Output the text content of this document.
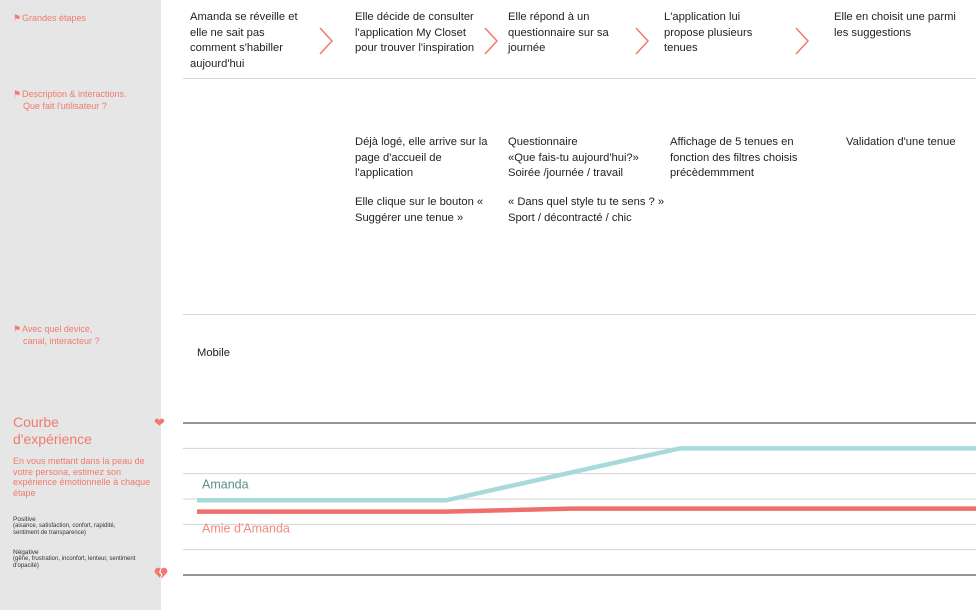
⚑Grandes étapes
⚑Description & interactions.
Que fait l'utilisateur ?
⚑Avec quel device,
canal, interacteur ?
Courbe
d'expérience
En vous mettant dans la peau de votre persona, estimez son expérience émotionnelle à chaque étape
Positive
(aisance, satisfaction, confort, rapidité, sentiment de transparence)
Négative
(gêne, frustration, inconfort, lenteur, sentiment d'opacité)
❤
Amanda se réveille et elle ne sait pas comment s'habiller aujourd'hui
Elle décide de consulter l'application My Closet pour trouver l'inspiration
Elle répond à un questionnaire sur sa journée
L'application lui propose plusieurs tenues
Elle en choisit une parmi les suggestions
Déjà logé, elle arrive sur la page d'accueil de l'application
Elle clique sur le bouton « Suggérer une tenue »
Questionnaire
«Que fais-tu aujourd'hui?»
Soirée /journée / travail
« Dans quel style tu te sens ? »
Sport / décontracté / chic
Affichage de 5 tenues en fonction des filtres choisis précèdemmment
Validation d'une tenue
Mobile
Amanda
Amie d'Amanda
